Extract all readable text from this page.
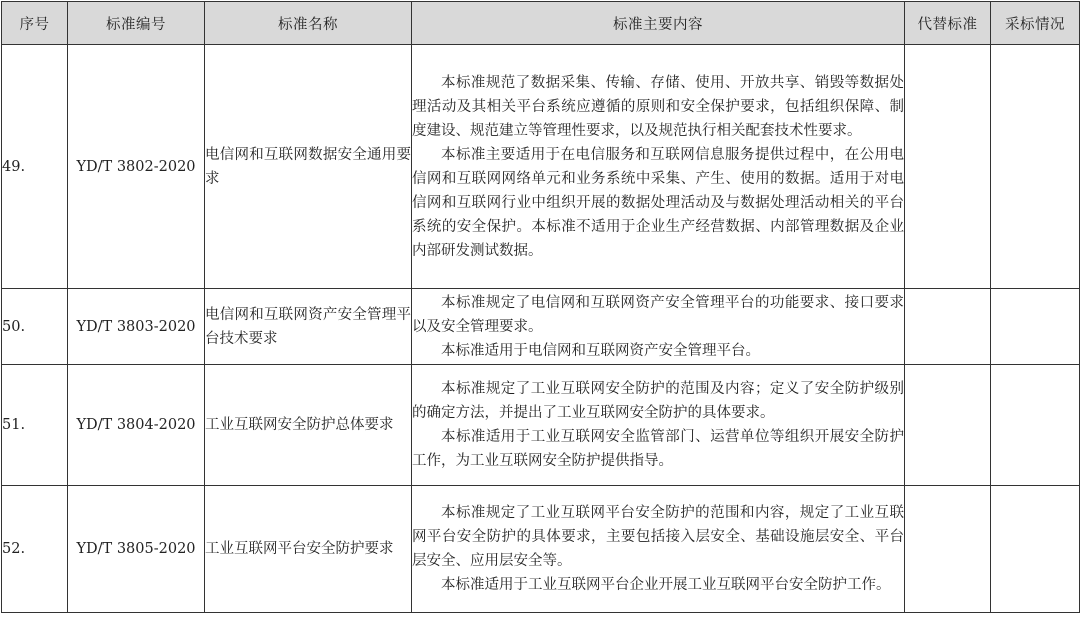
序号	标准编号	标准名称	标准主要内容	代替标准	采标情况
49.	YD/T 3802-2020	电信网和互联网数据安全通用要求	本标准规范了数据采集、传输、存储、使用、开放共享、销毁等数据处理活动及其相关平台系统应遵循的原则和安全保护要求，包括组织保障、制度建设、规范建立等管理性要求，以及规范执行相关配套技术性要求。

本标准主要适用于在电信服务和互联网信息服务提供过程中，在公用电信网和互联网网络单元和业务系统中采集、产生、使用的数据。适用于对电信网和互联网行业中组织开展的数据处理活动及与数据处理活动相关的平台系统的安全保护。本标准不适用于企业生产经营数据、内部管理数据及企业内部研发测试数据。		

50.	YD/T 3803-2020	电信网和互联网资产安全管理平台技术要求	本标准规定了电信网和互联网资产安全管理平台的功能要求、接口要求以及安全管理要求。

本标准适用于电信网和互联网资产安全管理平台。		

51.	YD/T 3804-2020	工业互联网安全防护总体要求	本标准规定了工业互联网安全防护的范围及内容；定义了安全防护级别的确定方法，并提出了工业互联网安全防护的具体要求。

本标准适用于工业互联网安全监管部门、运营单位等组织开展安全防护工作，为工业互联网安全防护提供指导。		

52.	YD/T 3805-2020	工业互联网平台安全防护要求	本标准规定了工业互联网平台安全防护的范围和内容，规定了工业互联网平台安全防护的具体要求，主要包括接入层安全、基础设施层安全、平台层安全、应用层安全等。

本标准适用于工业互联网平台企业开展工业互联网平台安全防护工作。		
